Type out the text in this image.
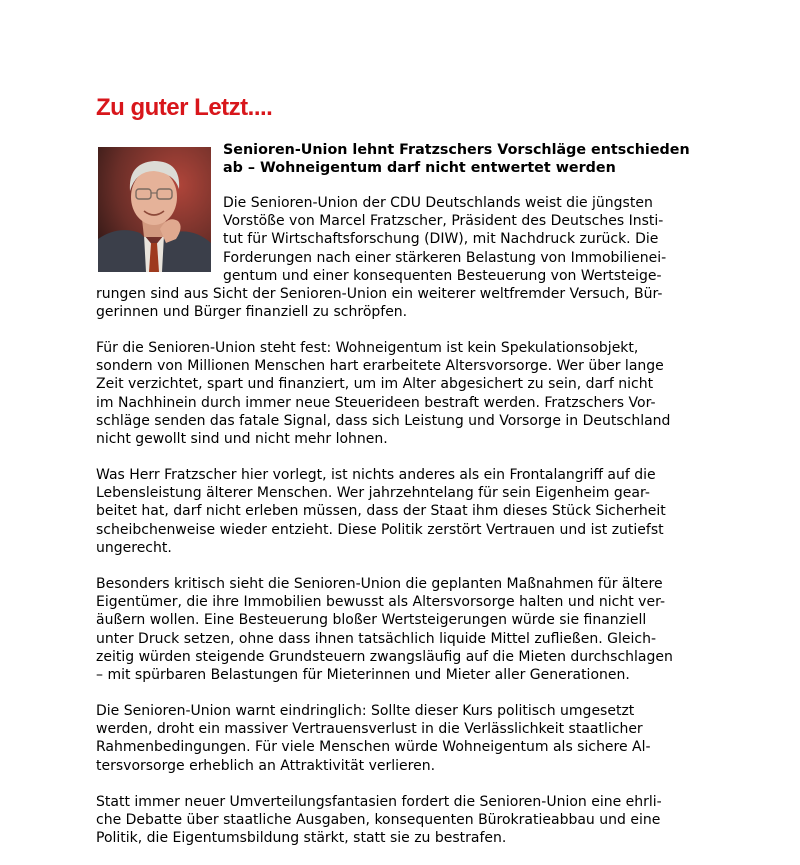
Zu guter Letzt....
Senioren-Union lehnt Fratzschers Vorschläge entschieden
ab – Wohneigentum darf nicht entwertet werden
Die Senioren-Union der CDU Deutschlands weist die jüngsten
Vorstöße von Marcel Fratzscher, Präsident des Deutsches Insti-
tut für Wirtschaftsforschung (DIW), mit Nachdruck zurück. Die
Forderungen nach einer stärkeren Belastung von Immobilienei-
gentum und einer konsequenten Besteuerung von Wertsteige-
rungen sind aus Sicht der Senioren-Union ein weiterer weltfremder Versuch, Bür-
gerinnen und Bürger finanziell zu schröpfen.
Für die Senioren-Union steht fest: Wohneigentum ist kein Spekulationsobjekt,
sondern von Millionen Menschen hart erarbeitete Altersvorsorge. Wer über lange
Zeit verzichtet, spart und finanziert, um im Alter abgesichert zu sein, darf nicht
im Nachhinein durch immer neue Steuerideen bestraft werden. Fratzschers Vor-
schläge senden das fatale Signal, dass sich Leistung und Vorsorge in Deutschland
nicht gewollt sind und nicht mehr lohnen.
Was Herr Fratzscher hier vorlegt, ist nichts anderes als ein Frontalangriff auf die
Lebensleistung älterer Menschen. Wer jahrzehntelang für sein Eigenheim gear-
beitet hat, darf nicht erleben müssen, dass der Staat ihm dieses Stück Sicherheit
scheibchenweise wieder entzieht. Diese Politik zerstört Vertrauen und ist zutiefst
ungerecht.
Besonders kritisch sieht die Senioren-Union die geplanten Maßnahmen für ältere
Eigentümer, die ihre Immobilien bewusst als Altersvorsorge halten und nicht ver-
äußern wollen. Eine Besteuerung bloßer Wertsteigerungen würde sie finanziell
unter Druck setzen, ohne dass ihnen tatsächlich liquide Mittel zufließen. Gleich-
zeitig würden steigende Grundsteuern zwangsläufig auf die Mieten durchschlagen
– mit spürbaren Belastungen für Mieterinnen und Mieter aller Generationen.
Die Senioren-Union warnt eindringlich: Sollte dieser Kurs politisch umgesetzt
werden, droht ein massiver Vertrauensverlust in die Verlässlichkeit staatlicher
Rahmenbedingungen. Für viele Menschen würde Wohneigentum als sichere Al-
tersvorsorge erheblich an Attraktivität verlieren.
Statt immer neuer Umverteilungsfantasien fordert die Senioren-Union eine ehrli-
che Debatte über staatliche Ausgaben, konsequenten Bürokratieabbau und eine
Politik, die Eigentumsbildung stärkt, statt sie zu bestrafen.
